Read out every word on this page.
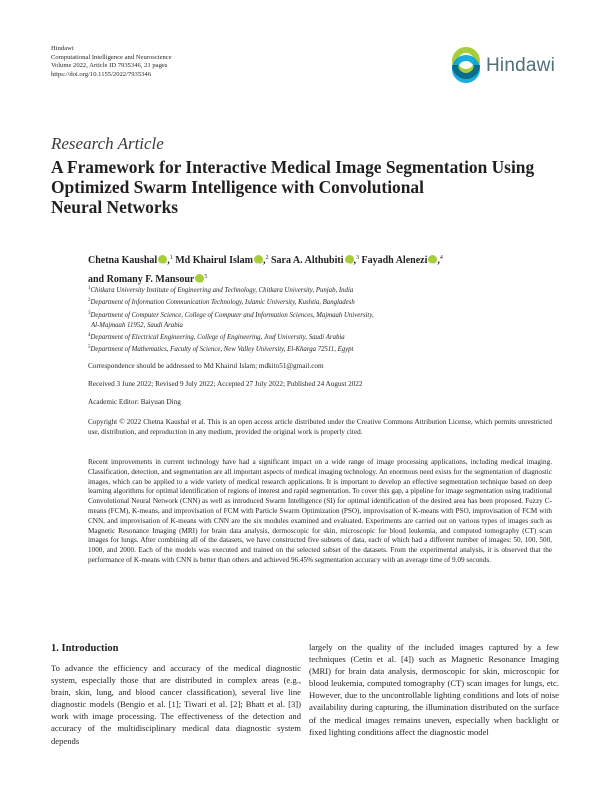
Hindawi
Computational Intelligence and Neuroscience
Volume 2022, Article ID 7935346, 21 pages
https://doi.org/10.1155/2022/7935346	Hindawi
Research Article
A Framework for Interactive Medical Image Segmentation Using
Optimized Swarm Intelligence with Convolutional
Neural Networks
Chetna Kaushal iD ,$^1$ Md Khairul Islam iD ,$^2$ Sara A. Althubiti iD ,$^3$ Fayadh Alenezi iD ,$^4$
and Romany F. Mansour iD $^5$
$^1$Chitkara University Institute of Engineering and Technology, Chitkara University, Punjab, India
$^2$Department of Information Communication Technology, Islamic University, Kushtia, Bangladesh
$^3$Department of Computer Science, College of Computer and Information Sciences, Majmaah University,
Al-Majmaah 11952, Saudi Arabia
$^4$Department of Electrical Engineering, College of Engineering, Jouf University, Saudi Arabia
$^5$Department of Mathematics, Faculty of Science, New Valley University, El-Kharga 72511, Egypt
Correspondence should be addressed to Md Khairul Islam; mdkito51@gmail.com
Received 3 June 2022; Revised 9 July 2022; Accepted 27 July 2022; Published 24 August 2022
Academic Editor: Baiyuan Ding
Copyright © 2022 Chetna Kaushal et al. This is an open access article distributed under the Creative Commons Attribution License, which permits unrestricted use, distribution, and reproduction in any medium, provided the original work is properly cited.
Recent improvements in current technology have had a significant impact on a wide range of image processing applications, including medical imaging. Classification, detection, and segmentation are all important aspects of medical imaging technology. An enormous need exists for the segmentation of diagnostic images, which can be applied to a wide variety of medical research applications. It is important to develop an effective segmentation technique based on deep learning algorithms for optimal identification of regions of interest and rapid segmentation. To cover this gap, a pipeline for image segmentation using traditional Convolutional Neural Network (CNN) as well as introduced Swarm Intelligence (SI) for optimal identification of the desired area has been proposed. Fuzzy C-means (FCM), K-means, and improvisation of FCM with Particle Swarm Optimization (PSO), improvisation of K-means with PSO, improvisation of FCM with CNN, and improvisation of K-means with CNN are the six modules examined and evaluated. Experiments are carried out on various types of images such as Magnetic Resonance Imaging (MRI) for brain data analysis, dermoscopic for skin, microscopic for blood leukemia, and computed tomography (CT) scan images for lungs. After combining all of the datasets, we have constructed five subsets of data, each of which had a different number of images: 50, 100, 500, 1000, and 2000. Each of the models was executed and trained on the selected subset of the datasets. From the experimental analysis, it is observed that the performance of K-means with CNN is better than others and achieved 96.45% segmentation accuracy with an average time of 9.09 seconds.
1. Introduction
To advance the efficiency and accuracy of the medical diagnostic system, especially those that are distributed in complex areas (e.g., brain, skin, lung, and blood cancer classification), several live line diagnostic models (Bengio et al. [1]; Tiwari et al. [2]; Bhatt et al. [3]) work with image processing. The effectiveness of the detection and accuracy of the multidisciplinary medical data diagnostic system depends
largely on the quality of the included images captured by a few techniques (Cetin et al. [4]) such as Magnetic Resonance Imaging (MRI) for brain data analysis, dermoscopic for skin, microscopic for blood leukemia, computed tomography (CT) scan images for lungs, etc. However, due to the uncontrollable lighting conditions and lots of noise availability during capturing, the illumination distributed on the surface of the medical images remains uneven, especially when backlight or fixed lighting conditions affect the diagnostic model
